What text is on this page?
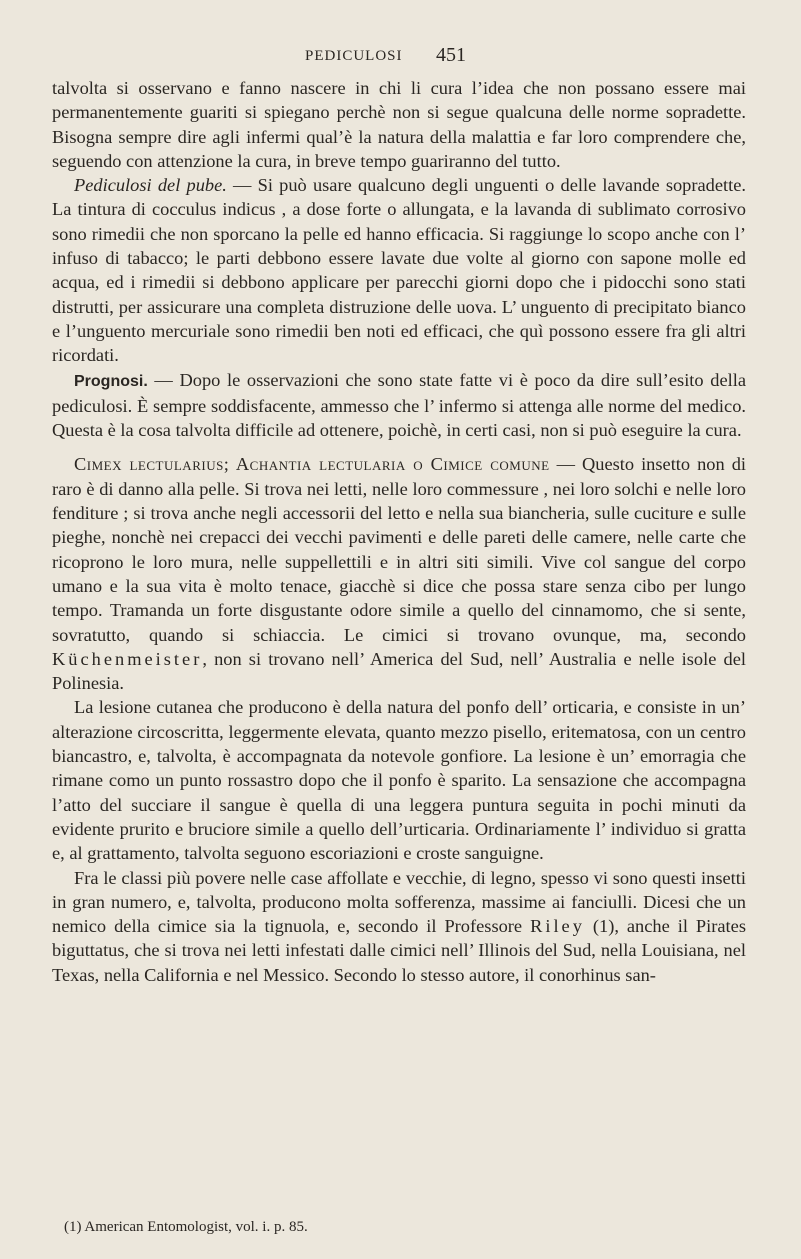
PEDICULOSI 451

talvolta si osservano e fanno nascere in chi li cura l’idea che non possano essere mai permanentemente guariti si spiegano perchè non si segue qualcuna delle norme sopradette. Bisogna sempre dire agli infermi qual’è la natura della malattia e far loro comprendere che, seguendo con attenzione la cura, in breve tempo guariranno del tutto.

Pediculosi del pube. — Si può usare qualcuno degli unguenti o delle lavande sopradette. La tintura di cocculus indicus , a dose forte o allungata, e la lavanda di sublimato corrosivo sono rimedii che non sporcano la pelle ed hanno efficacia. Si raggiunge lo scopo anche con l’ infuso di tabacco; le parti debbono essere lavate due volte al giorno con sapone molle ed acqua, ed i rimedii si debbono applicare per parecchi giorni dopo che i pidocchi sono stati distrutti, per assicurare una completa distruzione delle uova. L’ unguento di precipitato bianco e l’unguento mercuriale sono rimedii ben noti ed efficaci, che quì possono essere fra gli altri ricordati.

Prognosi. — Dopo le osservazioni che sono state fatte vi è poco da dire sull’esito della pediculosi. È sempre soddisfacente, ammesso che l’ infermo si attenga alle norme del medico. Questa è la cosa talvolta difficile ad ottenere, poichè, in certi casi, non si può eseguire la cura.

Cimex lectularius; Achantia lectularia o Cimice comune — Questo insetto non di raro è di danno alla pelle. Si trova nei letti, nelle loro commessure , nei loro solchi e nelle loro fenditure ; si trova anche negli accessorii del letto e nella sua biancheria, sulle cuciture e sulle pieghe, nonchè nei crepacci dei vecchi pavimenti e delle pareti delle camere, nelle carte che ricoprono le loro mura, nelle suppellettili e in altri siti simili. Vive col sangue del corpo umano e la sua vita è molto tenace, giacchè si dice che possa stare senza cibo per lungo tempo. Tramanda un forte disgustante odore simile a quello del cinnamomo, che si sente, sovratutto, quando si schiaccia. Le cimici si trovano ovunque, ma, secondo Küchenmeister, non si trovano nell’ America del Sud, nell’ Australia e nelle isole del Polinesia.

La lesione cutanea che producono è della natura del ponfo dell’ orticaria, e consiste in un’ alterazione circoscritta, leggermente elevata, quanto mezzo pisello, eritematosa, con un centro biancastro, e, talvolta, è accompagnata da notevole gonfiore. La lesione è un’ emorragia che rimane como un punto rossastro dopo che il ponfo è sparito. La sensazione che accompagna l’atto del succiare il sangue è quella di una leggera puntura seguita in pochi minuti da evidente prurito e bruciore simile a quello dell’urticaria. Ordinariamente l’ individuo si gratta e, al grattamento, talvolta seguono escoriazioni e croste sanguigne.

Fra le classi più povere nelle case affollate e vecchie, di legno, spesso vi sono questi insetti in gran numero, e, talvolta, producono molta sofferenza, massime ai fanciulli. Dicesi che un nemico della cimice sia la tignuola, e, secondo il Professore Riley (1), anche il Pirates biguttatus, che si trova nei letti infestati dalle cimici nell’ Illinois del Sud, nella Louisiana, nel Texas, nella California e nel Messico. Secondo lo stesso autore, il conorhinus san-

(1) American Entomologist, vol. i. p. 85.
